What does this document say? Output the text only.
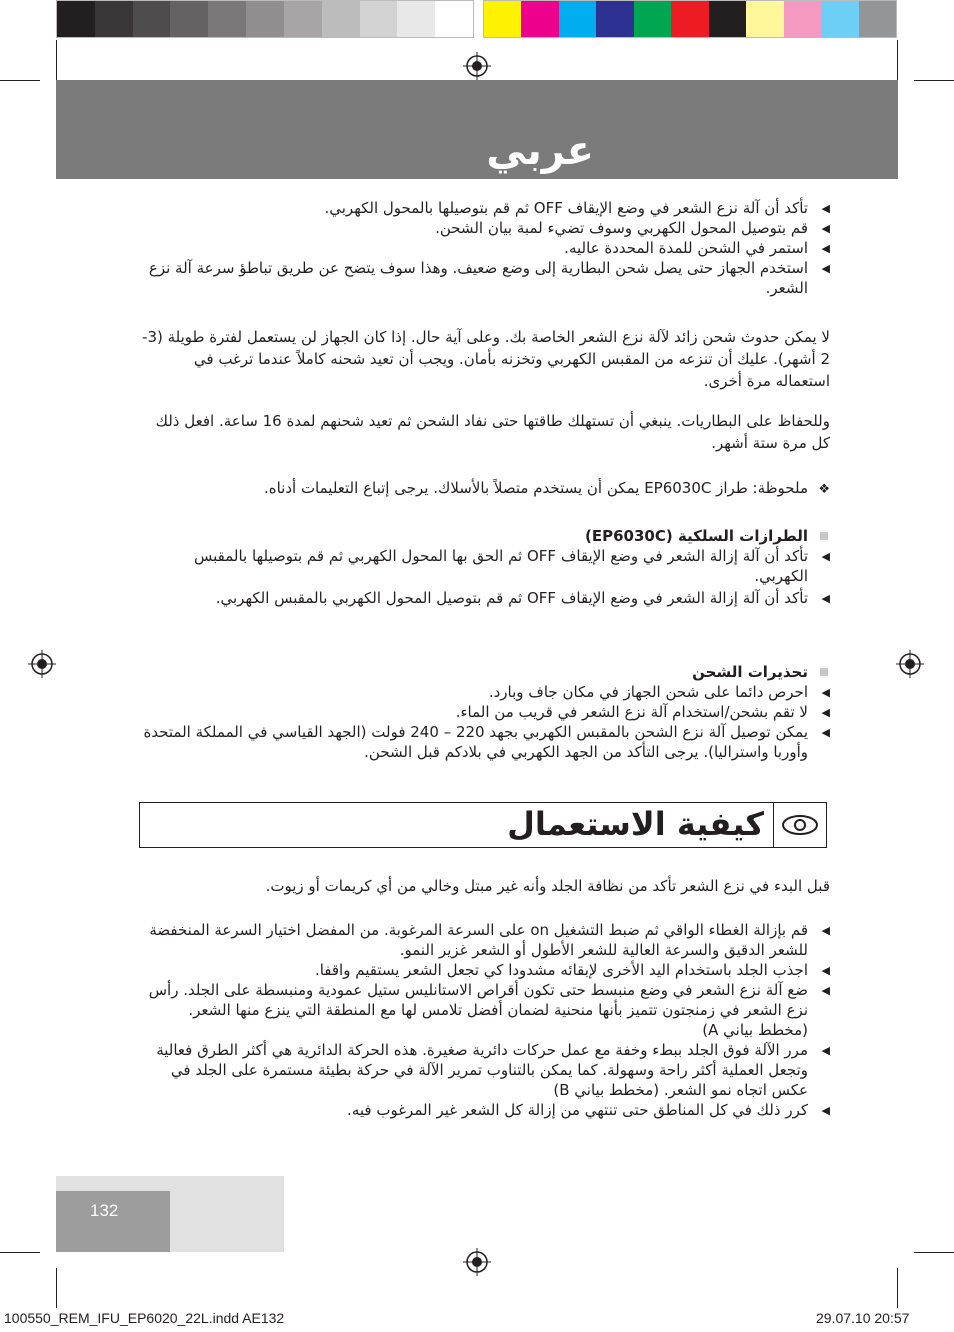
عربي
◀ تأكد أن آلة نزع الشعر في وضع الإيقاف OFF ثم قم بتوصيلها بالمحول الكهربي.
◀ قم بتوصيل المحول الكهربي وسوف تضيء لمبة بيان الشحن.
◀ استمر في الشحن للمدة المحددة عاليه.
◀ استخدم الجهاز حتى يصل شحن البطارية إلى وضع ضعيف. وهذا سوف يتضح عن طريق تباطؤ سرعة آلة نزع الشعر.
لا يمكن حدوث شحن زائد لآلة نزع الشعر الخاصة بك. وعلى آية حال. إذا كان الجهاز لن يستعمل لفترة طويلة (3-2 أشهر). عليك أن تنزعه من المقبس الكهربي وتخزنه بأمان. ويجب أن تعيد شحنه كاملاً عندما ترغب في استعماله مرة أخرى.
وللحفاظ على البطاريات. ينبغي أن تستهلك طاقتها حتى نفاد الشحن ثم تعيد شحنهم لمدة 16 ساعة. افعل ذلك كل مرة ستة أشهر.
❖
ملحوظة: طراز EP6030C يمكن أن يستخدم متصلاً بالأسلاك. يرجى إتباع التعليمات أدناه.
الطرازات السلكية (EP6030C)
◀ تأكد أن آلة إزالة الشعر في وضع الإيقاف OFF ثم الحق بها المحول الكهربي ثم قم بتوصيلها بالمقبس الكهربي.
◀ تأكد أن آلة إزالة الشعر في وضع الإيقاف OFF ثم قم بتوصيل المحول الكهربي بالمقبس الكهربي.
تحذيرات الشحن
◀ احرص دائما على شحن الجهاز في مكان جاف وبارد.
◀ لا تقم بشحن/استخدام آلة نزع الشعر في قريب من الماء.
◀ يمكن توصيل آلة نزع الشحن بالمقبس الكهربي بجهد 220 – 240 فولت (الجهد القياسي في المملكة المتحدة وأوربا واستراليا). يرجى التأكد من الجهد الكهربي في بلادكم قبل الشحن.
كيفية الاستعمال
قبل البدء في نزع الشعر تأكد من نظافة الجلد وأنه غير مبتل وخالي من أي كريمات أو زيوت.
◀ قم بإزالة الغطاء الواقي ثم ضبط التشغيل on على السرعة المرغوبة. من المفضل اختيار السرعة المنخفضة للشعر الدقيق والسرعة العالية للشعر الأطول أو الشعر غزير النمو.
◀ اجذب الجلد باستخدام اليد الأخرى لإبقائه مشدودا كي تجعل الشعر يستقيم واقفا.
◀ ضع آلة نزع الشعر في وضع منبسط حتى تكون أقراص الاستانليس ستيل عمودية ومنبسطة على الجلد. رأس نزع الشعر في زمنجتون تتميز بأنها منحنية لضمان أفضل تلامس لها مع المنطقة التي ينزع منها الشعر. (مخطط بياني A)
◀ مرر الآلة فوق الجلد ببطء وخفة مع عمل حركات دائرية صغيرة. هذه الحركة الدائرية هي أكثر الطرق فعالية وتجعل العملية أكثر راحة وسهولة. كما يمكن بالتناوب تمرير الآلة في حركة بطيئة مستمرة على الجلد في عكس اتجاه نمو الشعر. (مخطط بياني B)
◀ كرر ذلك في كل المناطق حتى تنتهي من إزالة كل الشعر غير المرغوب فيه.
132
100550_REM_IFU_EP6020_22L.indd AE132	29.07.10 20:57
